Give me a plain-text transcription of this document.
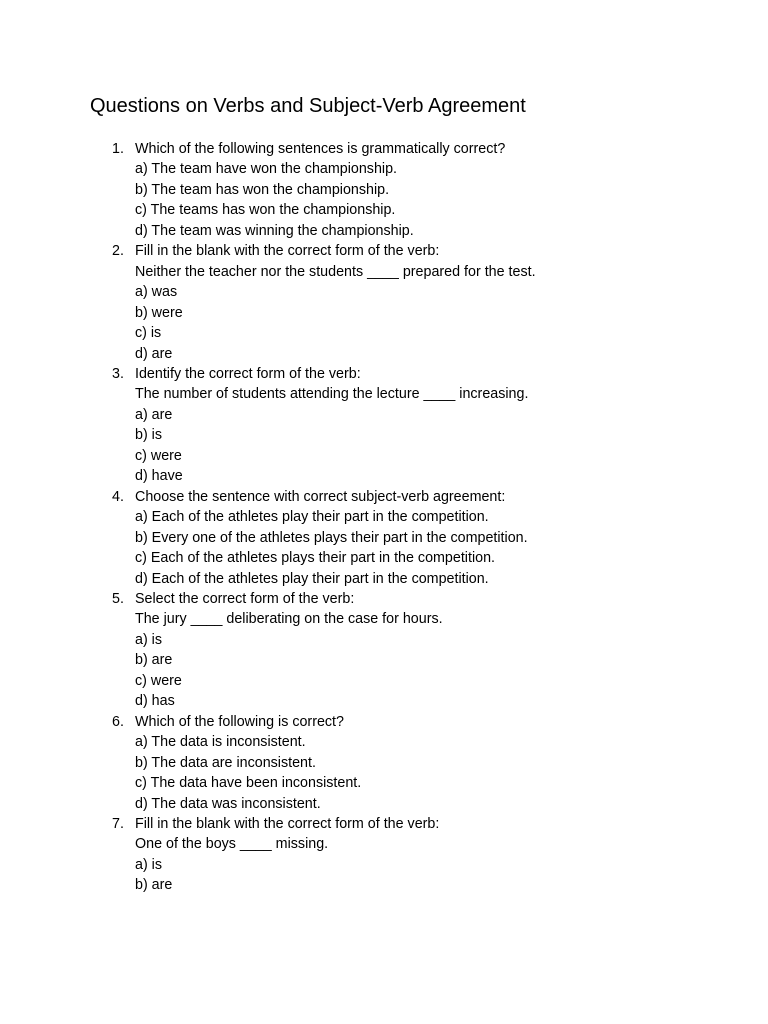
Questions on Verbs and Subject-Verb Agreement
1. Which of the following sentences is grammatically correct?
a) The team have won the championship.
b) The team has won the championship.
c) The teams has won the championship.
d) The team was winning the championship.
2. Fill in the blank with the correct form of the verb:
Neither the teacher nor the students ____ prepared for the test.
a) was
b) were
c) is
d) are
3. Identify the correct form of the verb:
The number of students attending the lecture ____ increasing.
a) are
b) is
c) were
d) have
4. Choose the sentence with correct subject-verb agreement:
a) Each of the athletes play their part in the competition.
b) Every one of the athletes plays their part in the competition.
c) Each of the athletes plays their part in the competition.
d) Each of the athletes play their part in the competition.
5. Select the correct form of the verb:
The jury ____ deliberating on the case for hours.
a) is
b) are
c) were
d) has
6. Which of the following is correct?
a) The data is inconsistent.
b) The data are inconsistent.
c) The data have been inconsistent.
d) The data was inconsistent.
7. Fill in the blank with the correct form of the verb:
One of the boys ____ missing.
a) is
b) are
